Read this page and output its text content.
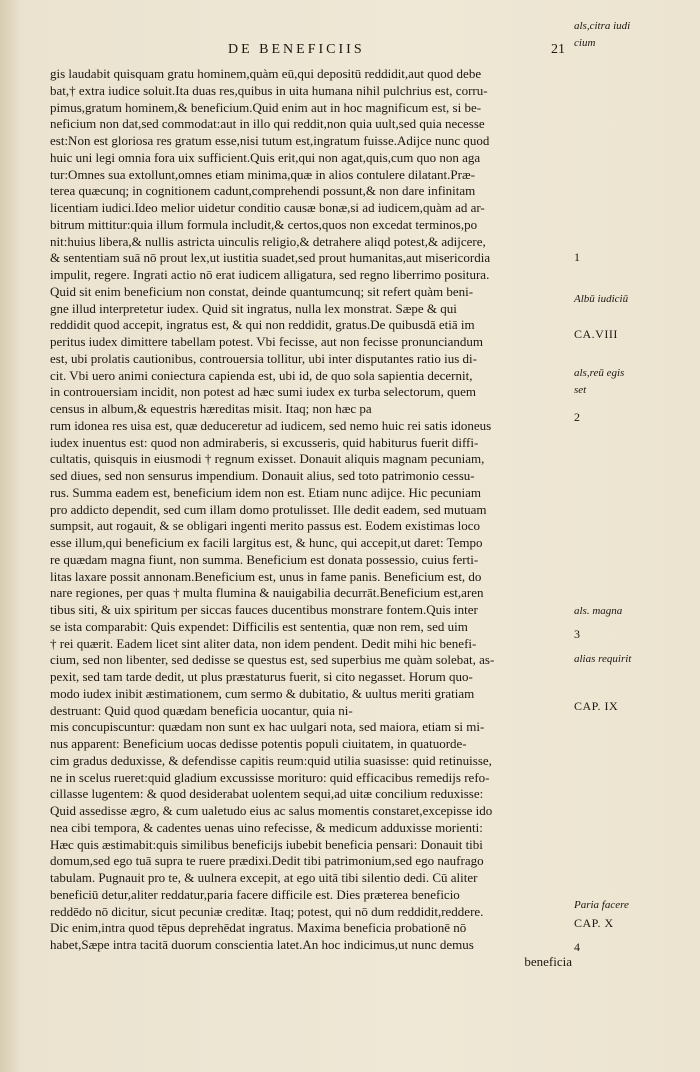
DE BENEFICIIS	21
gis laudabit quisquam gratu hominem,quàm eū,qui depositū reddidit,aut quod debe
bat,† extra iudice soluit.Ita duas res,quibus in uita humana nihil pulchrius est, corru-
pimus,gratum hominem,& beneficium.Quid enim aut in hoc magnificum est, si be-
neficium non dat,sed commodat:aut in illo qui reddit,non quia uult,sed quia necesse
est:Non est gloriosa res gratum esse,nisi tutum est,ingratum fuisse.Adijce nunc quod
huic uni legi omnia fora uix sufficient.Quis erit,qui non agat,quis,cum quo non aga
tur:Omnes sua extollunt,omnes etiam minima,quæ in alios contulere dilatant.Præ-
terea quæcunq; in cognitionem cadunt,comprehendi possunt,& non dare infinitam
licentiam iudici.Ideo melior uidetur conditio causæ bonæ,si ad iudicem,quàm ad ar-
bitrum mittitur:quia illum formula includit,& certos,quos non excedat terminos,po
nit:huius libera,& nullis astricta uinculis religio,& detrahere aliqd potest,& adijcere,
& sententiam suā nō prout lex,ut iustitia suadet,sed prout humanitas,aut misericordia
impulit, regere. Ingrati actio nō erat iudicem alligatura, sed regno liberrimo positura.
Quid sit enim beneficium non constat, deinde quantumcunq; sit refert quàm beni-
gne illud interpretetur iudex. Quid sit ingratus, nulla lex monstrat. Sæpe & qui
reddidit quod accepit, ingratus est, & qui non reddidit, gratus.De quibusdā etiā im
peritus iudex dimittere tabellam potest. Vbi fecisse, aut non fecisse pronunciandum
est, ubi prolatis cautionibus, controuersia tollitur, ubi inter disputantes ratio ius di-
cit. Vbi uero animi coniectura capienda est, ubi id, de quo sola sapientia decernit,
in controuersiam incidit, non potest ad hæc sumi iudex ex turba selectorum, quem
census in album,& equestris hæreditas misit. Itaq; non hæc pa
rum idonea res uisa est, quæ deduceretur ad iudicem, sed nemo huic rei satis idoneus
iudex inuentus est: quod non admiraberis, si excusseris, quid habiturus fuerit diffi-
cultatis, quisquis in eiusmodi † regnum exisset. Donauit aliquis magnam pecuniam,
sed diues, sed non sensurus impendium. Donauit alius, sed toto patrimonio cessu-
rus. Summa eadem est, beneficium idem non est. Etiam nunc adijce. Hic pecuniam
pro addicto dependit, sed cum illam domo protulisset. Ille dedit eadem, sed mutuam
sumpsit, aut rogauit, & se obligari ingenti merito passus est. Eodem existimas loco
esse illum,qui beneficium ex facili largitus est, & hunc, qui accepit,ut daret: Tempo
re quædam magna fiunt, non summa. Beneficium est donata possessio, cuius ferti-
litas laxare possit annonam.Beneficium est, unus in fame panis. Beneficium est, do
nare regiones, per quas † multa flumina & nauigabilia decurrāt.Beneficium est,aren
tibus siti, & uix spiritum per siccas fauces ducentibus monstrare fontem.Quis inter
se ista comparabit: Quis expendet: Difficilis est sententia, quæ non rem, sed uim
† rei quærit. Eadem licet sint aliter data, non idem pendent. Dedit mihi hic benefi-
cium, sed non libenter, sed dedisse se questus est, sed superbius me quàm solebat, as-
pexit, sed tam tarde dedit, ut plus præstaturus fuerit, si cito negasset. Horum quo-
modo iudex inibit æstimationem, cum sermo & dubitatio, & uultus meriti gratiam
destruant: Quid quod quædam beneficia uocantur, quia ni-
mis concupiscuntur: quædam non sunt ex hac uulgari nota, sed maiora, etiam si mi-
nus apparent: Beneficium uocas dedisse potentis populi ciuitatem, in quatuorde-
cim gradus deduxisse, & defendisse capitis reum:quid utilia suasisse: quid retinuisse,
ne in scelus rueret:quid gladium excussisse morituro: quid efficacibus remedijs refo-
cillasse lugentem: & quod desiderabat uolentem sequi,ad uitæ concilium reduxisse:
Quid assedisse ægro, & cum ualetudo eius ac salus momentis constaret,excepisse ido
nea cibi tempora, & cadentes uenas uino refecisse, & medicum adduxisse morienti:
Hæc quis æstimabit:quis similibus beneficijs iubebit beneficia pensari: Donauit tibi
domum,sed ego tuā supra te ruere prædixi.Dedit tibi patrimonium,sed ego naufrago
tabulam. Pugnauit pro te, & uulnera excepit, at ego uitā tibi silentio dedi. Cū aliter
beneficiū detur,aliter reddatur,paria facere difficile est. Dies præterea beneficio
reddēdo nō dicitur, sicut pecuniæ creditæ. Itaq; potest, qui nō dum reddidit,reddere.
Dic enim,intra quod tēpus deprehēdat ingratus. Maxima beneficia probationē nō
habet,Sæpe intra tacitā duorum conscientia latet.An hoc indicimus,ut nunc demus
beneficia
als,citra iudi
cium
1
Albū iudiciū
CA.VIII
als,reū egis
set
2
als. magna
3
alias requirit
CAP. IX
Paria facere
CAP. X
4
